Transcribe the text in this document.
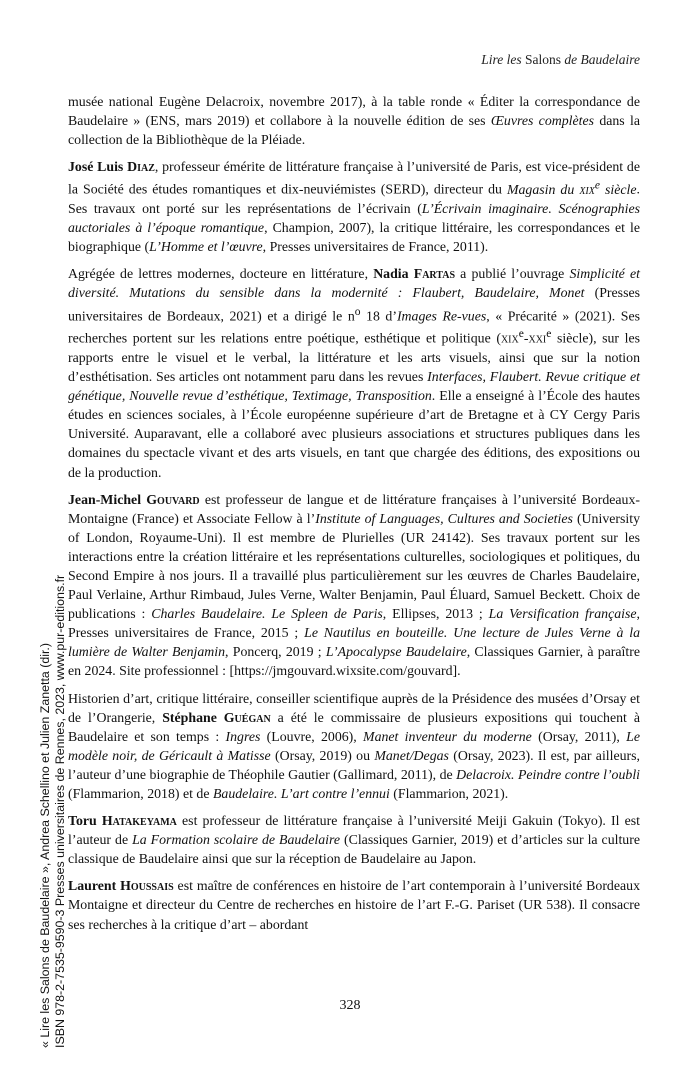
Lire les Salons de Baudelaire

musée national Eugène Delacroix, novembre 2017), à la table ronde « Éditer la correspondance de Baudelaire » (ENS, mars 2019) et collabore à la nouvelle édition de ses Œuvres complètes dans la collection de la Bibliothèque de la Pléiade.

José Luis Diaz, professeur émérite de littérature française à l’université de Paris, est vice-président de la Société des études romantiques et dix-neuviémistes (SERD), directeur du Magasin du xix$^e$ siècle. Ses travaux ont porté sur les représentations de l’écrivain (L’Écrivain imaginaire. Scénographies auctoriales à l’époque romantique, Champion, 2007), la critique littéraire, les correspondances et le biographique (L’Homme et l’œuvre, Presses universitaires de France, 2011).

Agrégée de lettres modernes, docteure en littérature, Nadia Fartas a publié l’ouvrage Simplicité et diversité. Mutations du sensible dans la modernité : Flaubert, Baudelaire, Monet (Presses universitaires de Bordeaux, 2021) et a dirigé le $n^o$ 18 d’Images Re-vues, « Précarité » (2021). Ses recherches portent sur les relations entre poétique, esthétique et politique (xix$^e$-xxi$^e$ siècle), sur les rapports entre le visuel et le verbal, la littérature et les arts visuels, ainsi que sur la notion d’esthétisation. Ses articles ont notamment paru dans les revues Interfaces, Flaubert. Revue critique et génétique, Nouvelle revue d’esthétique, Textimage, Transposition. Elle a enseigné à l’École des hautes études en sciences sociales, à l’École européenne supérieure d’art de Bretagne et à CY Cergy Paris Université. Auparavant, elle a collaboré avec plusieurs associations et structures publiques dans les domaines du spectacle vivant et des arts visuels, en tant que chargée des éditions, des expositions ou de la production.

Jean-Michel Gouvard est professeur de langue et de littérature françaises à l’université Bordeaux-Montaigne (France) et Associate Fellow à l’Institute of Languages, Cultures and Societies (University of London, Royaume-Uni). Il est membre de Plurielles (UR 24142). Ses travaux portent sur les interactions entre la création littéraire et les représentations culturelles, sociologiques et politiques, du Second Empire à nos jours. Il a travaillé plus particulièrement sur les œuvres de Charles Baudelaire, Paul Verlaine, Arthur Rimbaud, Jules Verne, Walter Benjamin, Paul Éluard, Samuel Beckett. Choix de publications : Charles Baudelaire. Le Spleen de Paris, Ellipses, 2013 ; La Versification française, Presses universitaires de France, 2015 ; Le Nautilus en bouteille. Une lecture de Jules Verne à la lumière de Walter Benjamin, Poncerq, 2019 ; L’Apocalypse Baudelaire, Classiques Garnier, à paraître en 2024. Site professionnel : [https://jmgouvard.wixsite.com/gouvard].

Historien d’art, critique littéraire, conseiller scientifique auprès de la Présidence des musées d’Orsay et de l’Orangerie, Stéphane Guégan a été le commissaire de plusieurs expositions qui touchent à Baudelaire et son temps : Ingres (Louvre, 2006), Manet inventeur du moderne (Orsay, 2011), Le modèle noir, de Géricault à Matisse (Orsay, 2019) ou Manet/Degas (Orsay, 2023). Il est, par ailleurs, l’auteur d’une biographie de Théophile Gautier (Gallimard, 2011), de Delacroix. Peindre contre l’oubli (Flammarion, 2018) et de Baudelaire. L’art contre l’ennui (Flammarion, 2021).

Toru Hatakeyama est professeur de littérature française à l’université Meiji Gakuin (Tokyo). Il est l’auteur de La Formation scolaire de Baudelaire (Classiques Garnier, 2019) et d’articles sur la culture classique de Baudelaire ainsi que sur la réception de Baudelaire au Japon.

Laurent Houssais est maître de conférences en histoire de l’art contemporain à l’université Bordeaux Montaigne et directeur du Centre de recherches en histoire de l’art F.-G. Pariset (UR 538). Il consacre ses recherches à la critique d’art – abordant

328
« Lire les Salons de Baudelaire », Andrea Schellino et Julien Zanetta (dir.) ISBN 978-2-7535-9590-3 Presses universitaires de Rennes, 2023, www.pur-editions.fr
